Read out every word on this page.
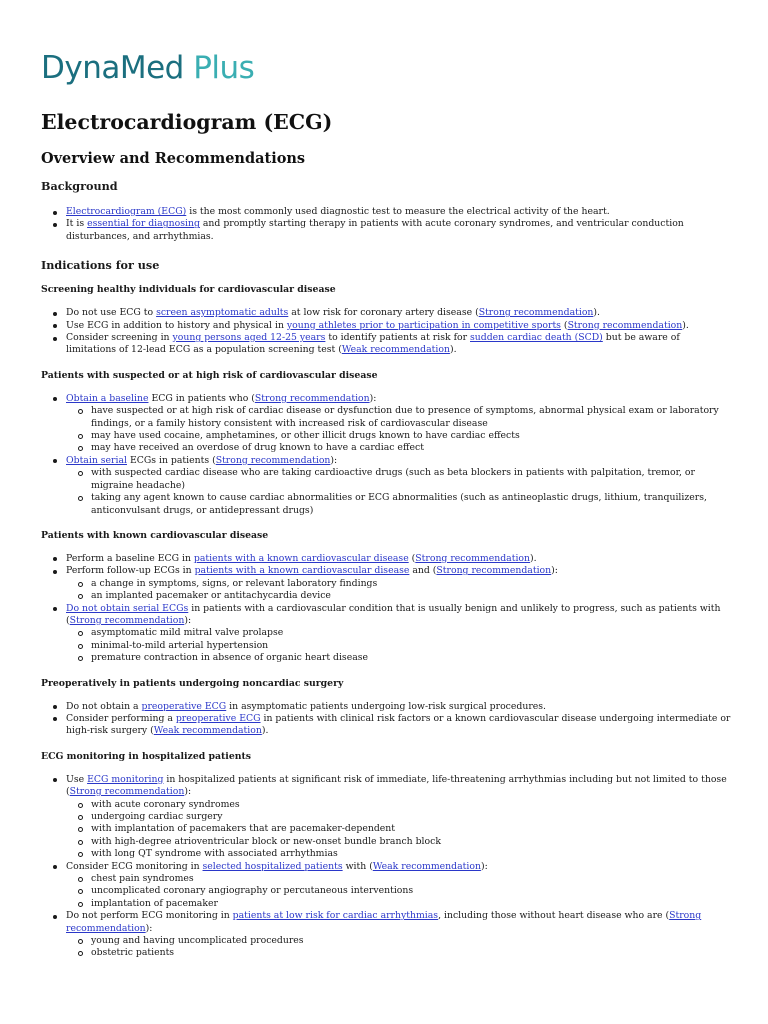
DynaMed Plus
Electrocardiogram (ECG)
Overview and Recommendations
Background
Electrocardiogram (ECG) is the most commonly used diagnostic test to measure the electrical activity of the heart.
It is essential for diagnosing and promptly starting therapy in patients with acute coronary syndromes, and ventricular conduction disturbances, and arrhythmias.
Indications for use
Screening healthy individuals for cardiovascular disease
Do not use ECG to screen asymptomatic adults at low risk for coronary artery disease (Strong recommendation).
Use ECG in addition to history and physical in young athletes prior to participation in competitive sports (Strong recommendation).
Consider screening in young persons aged 12-25 years to identify patients at risk for sudden cardiac death (SCD) but be aware of limitations of 12-lead ECG as a population screening test (Weak recommendation).
Patients with suspected or at high risk of cardiovascular disease
Obtain a baseline ECG in patients who (Strong recommendation):
have suspected or at high risk of cardiac disease or dysfunction due to presence of symptoms, abnormal physical exam or laboratory findings, or a family history consistent with increased risk of cardiovascular disease
may have used cocaine, amphetamines, or other illicit drugs known to have cardiac effects
may have received an overdose of drug known to have a cardiac effect
Obtain serial ECGs in patients (Strong recommendation):
with suspected cardiac disease who are taking cardioactive drugs (such as beta blockers in patients with palpitation, tremor, or migraine headache)
taking any agent known to cause cardiac abnormalities or ECG abnormalities (such as antineoplastic drugs, lithium, tranquilizers, anticonvulsant drugs, or antidepressant drugs)
Patients with known cardiovascular disease
Perform a baseline ECG in patients with a known cardiovascular disease (Strong recommendation).
Perform follow-up ECGs in patients with a known cardiovascular disease and (Strong recommendation):
a change in symptoms, signs, or relevant laboratory findings
an implanted pacemaker or antitachycardia device
Do not obtain serial ECGs in patients with a cardiovascular condition that is usually benign and unlikely to progress, such as patients with (Strong recommendation):
asymptomatic mild mitral valve prolapse
minimal-to-mild arterial hypertension
premature contraction in absence of organic heart disease
Preoperatively in patients undergoing noncardiac surgery
Do not obtain a preoperative ECG in asymptomatic patients undergoing low-risk surgical procedures.
Consider performing a preoperative ECG in patients with clinical risk factors or a known cardiovascular disease undergoing intermediate or high-risk surgery (Weak recommendation).
ECG monitoring in hospitalized patients
Use ECG monitoring in hospitalized patients at significant risk of immediate, life-threatening arrhythmias including but not limited to those (Strong recommendation):
with acute coronary syndromes
undergoing cardiac surgery
with implantation of pacemakers that are pacemaker-dependent
with high-degree atrioventricular block or new-onset bundle branch block
with long QT syndrome with associated arrhythmias
Consider ECG monitoring in selected hospitalized patients with (Weak recommendation):
chest pain syndromes
uncomplicated coronary angiography or percutaneous interventions
implantation of pacemaker
Do not perform ECG monitoring in patients at low risk for cardiac arrhythmias, including those without heart disease who are (Strong recommendation):
young and having uncomplicated procedures
obstetric patients
